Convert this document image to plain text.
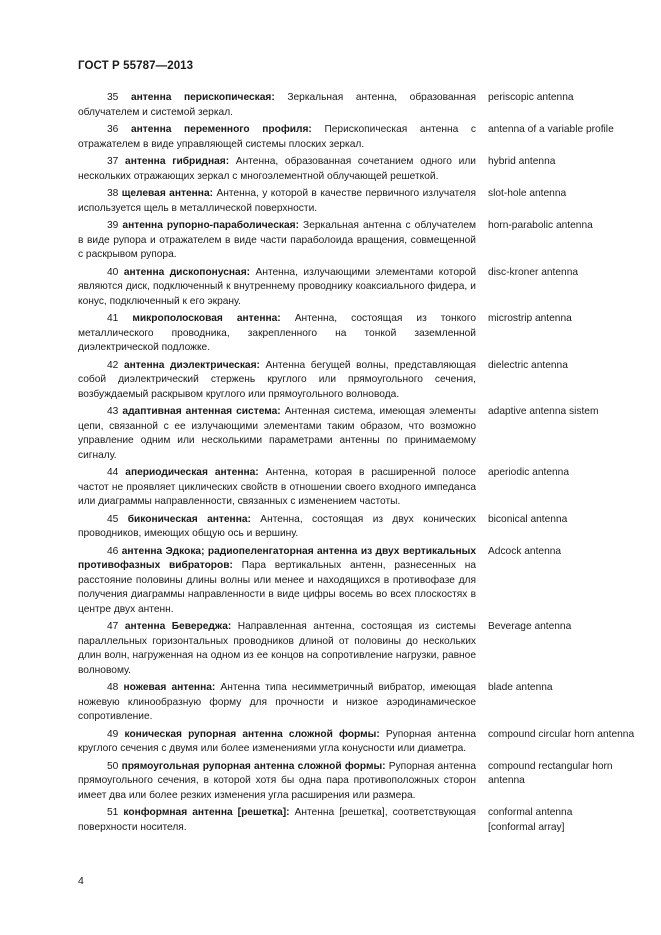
ГОСТ Р 55787—2013
35 антенна перископическая: Зеркальная антенна, образованная облучателем и системой зеркал.
periscopic antenna
36 антенна переменного профиля: Перископическая антенна с отражателем в виде управляющей системы плоских зеркал.
antenna of a variable profile
37 антенна гибридная: Антенна, образованная сочетанием одного или нескольких отражающих зеркал с многоэлементной облучающей решеткой.
hybrid antenna
38 щелевая антенна: Антенна, у которой в качестве первичного излучателя используется щель в металлической поверхности.
slot-hole antenna
39 антенна рупорно-параболическая: Зеркальная антенна с облучателем в виде рупора и отражателем в виде части параболоида вращения, совмещенной с раскрывом рупора.
horn-parabolic antenna
40 антенна дископонусная: Антенна, излучающими элементами которой являются диск, подключенный к внутреннему проводнику коаксиального фидера, и конус, подключенный к его экрану.
disc-kroner antenna
41 микрополосковая антенна: Антенна, состоящая из тонкого металлического проводника, закрепленного на тонкой заземленной диэлектрической подложке.
microstrip antenna
42 антенна диэлектрическая: Антенна бегущей волны, представляющая собой диэлектрический стержень круглого или прямоугольного сечения, возбуждаемый раскрывом круглого или прямоугольного волновода.
dielectric antenna
43 адаптивная антенная система: Антенная система, имеющая элементы цепи, связанной с ее излучающими элементами таким образом, что возможно управление одним или несколькими параметрами антенны по принимаемому сигналу.
adaptive antenna sistem
44 апериодическая антенна: Антенна, которая в расширенной полосе частот не проявляет циклических свойств в отношении своего входного импеданса или диаграммы направленности, связанных с изменением частоты.
aperiodic antenna
45 биконическая антенна: Антенна, состоящая из двух конических проводников, имеющих общую ось и вершину.
biconical antenna
46 антенна Эдкока; радиопеленгаторная антенна из двух вертикальных противофазных вибраторов: Пара вертикальных антенн, разнесенных на расстояние половины длины волны или менее и находящихся в противофазе для получения диаграммы направленности в виде цифры восемь во всех плоскостях в центре двух антенн.
Adcock antenna
47 антенна Бевереджа: Направленная антенна, состоящая из системы параллельных горизонтальных проводников длиной от половины до нескольких длин волн, нагруженная на одном из ее концов на сопротивление нагрузки, равное волновому.
Beverage antenna
48 ножевая антенна: Антенна типа несимметричный вибратор, имеющая ножевую клинообразную форму для прочности и низкое аэродинамическое сопротивление.
blade antenna
49 коническая рупорная антенна сложной формы: Рупорная антенна круглого сечения с двумя или более изменениями угла конусности или диаметра.
compound circular horn antenna
50 прямоугольная рупорная антенна сложной формы: Рупорная антенна прямоугольного сечения, в которой хотя бы одна пара противоположных сторон имеет два или более резких изменения угла расширения или размера.
compound rectangular horn antenna
51 конформная антенна [решетка]: Антенна [решетка], соответствующая поверхности носителя.
conformal antenna
[conformal array]
4
